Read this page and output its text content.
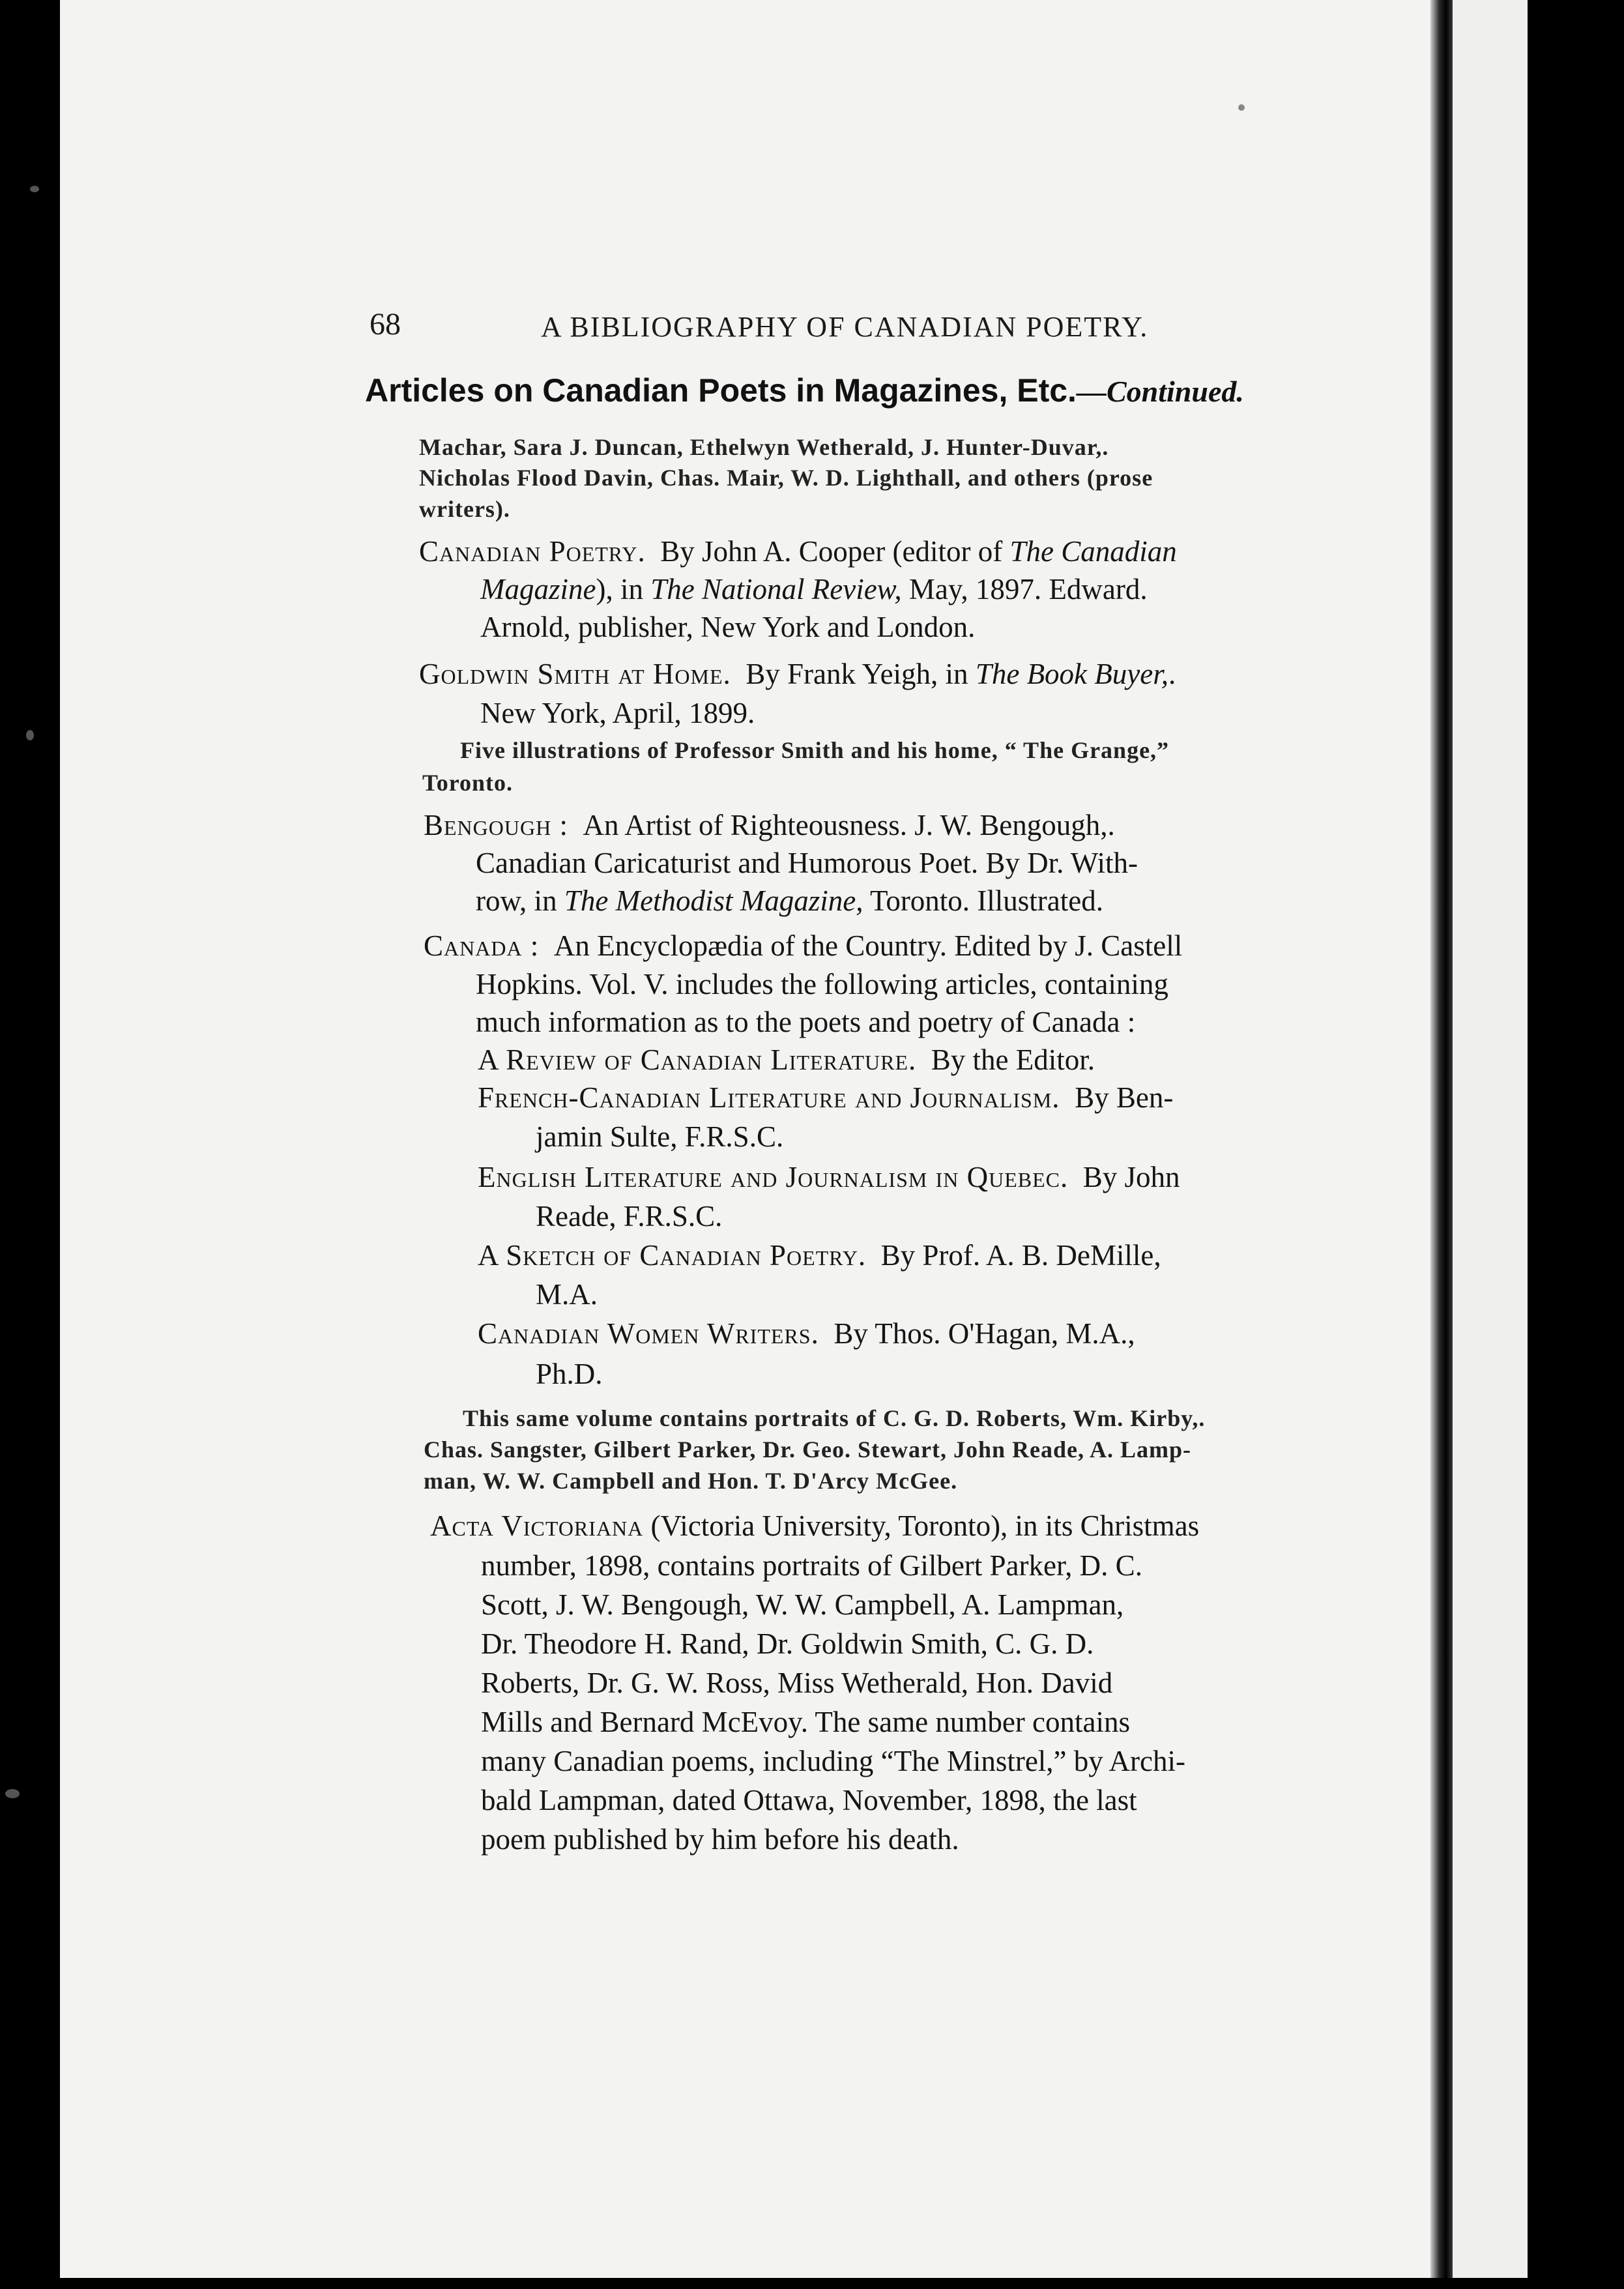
68	A BIBLIOGRAPHY OF CANADIAN POETRY.
Articles on Canadian Poets in Magazines, Etc.—Continued.
Machar, Sara J. Duncan, Ethelwyn Wetherald, J. Hunter-Duvar,.
Nicholas Flood Davin, Chas. Mair, W. D. Lighthall, and others (prose
writers).
Canadian Poetry. By John A. Cooper (editor of The Canadian
Magazine), in The National Review, May, 1897. Edward.
Arnold, publisher, New York and London.
Goldwin Smith at Home. By Frank Yeigh, in The Book Buyer,.
New York, April, 1899.
Five illustrations of Professor Smith and his home, “ The Grange,”
Toronto.
Bengough : An Artist of Righteousness. J. W. Bengough,.
Canadian Caricaturist and Humorous Poet. By Dr. With-
row, in The Methodist Magazine, Toronto. Illustrated.
Canada : An Encyclopædia of the Country. Edited by J. Castell
Hopkins. Vol. V. includes the following articles, containing
much information as to the poets and poetry of Canada :
A Review of Canadian Literature. By the Editor.
French-Canadian Literature and Journalism. By Ben-
jamin Sulte, F.R.S.C.
English Literature and Journalism in Quebec. By John
Reade, F.R.S.C.
A Sketch of Canadian Poetry. By Prof. A. B. DeMille,
M.A.
Canadian Women Writers. By Thos. O'Hagan, M.A.,
Ph.D.
This same volume contains portraits of C. G. D. Roberts, Wm. Kirby,.
Chas. Sangster, Gilbert Parker, Dr. Geo. Stewart, John Reade, A. Lamp-
man, W. W. Campbell and Hon. T. D'Arcy McGee.
Acta Victoriana (Victoria University, Toronto), in its Christmas
number, 1898, contains portraits of Gilbert Parker, D. C.
Scott, J. W. Bengough, W. W. Campbell, A. Lampman,
Dr. Theodore H. Rand, Dr. Goldwin Smith, C. G. D.
Roberts, Dr. G. W. Ross, Miss Wetherald, Hon. David
Mills and Bernard McEvoy. The same number contains
many Canadian poems, including “The Minstrel,” by Archi-
bald Lampman, dated Ottawa, November, 1898, the last
poem published by him before his death.
